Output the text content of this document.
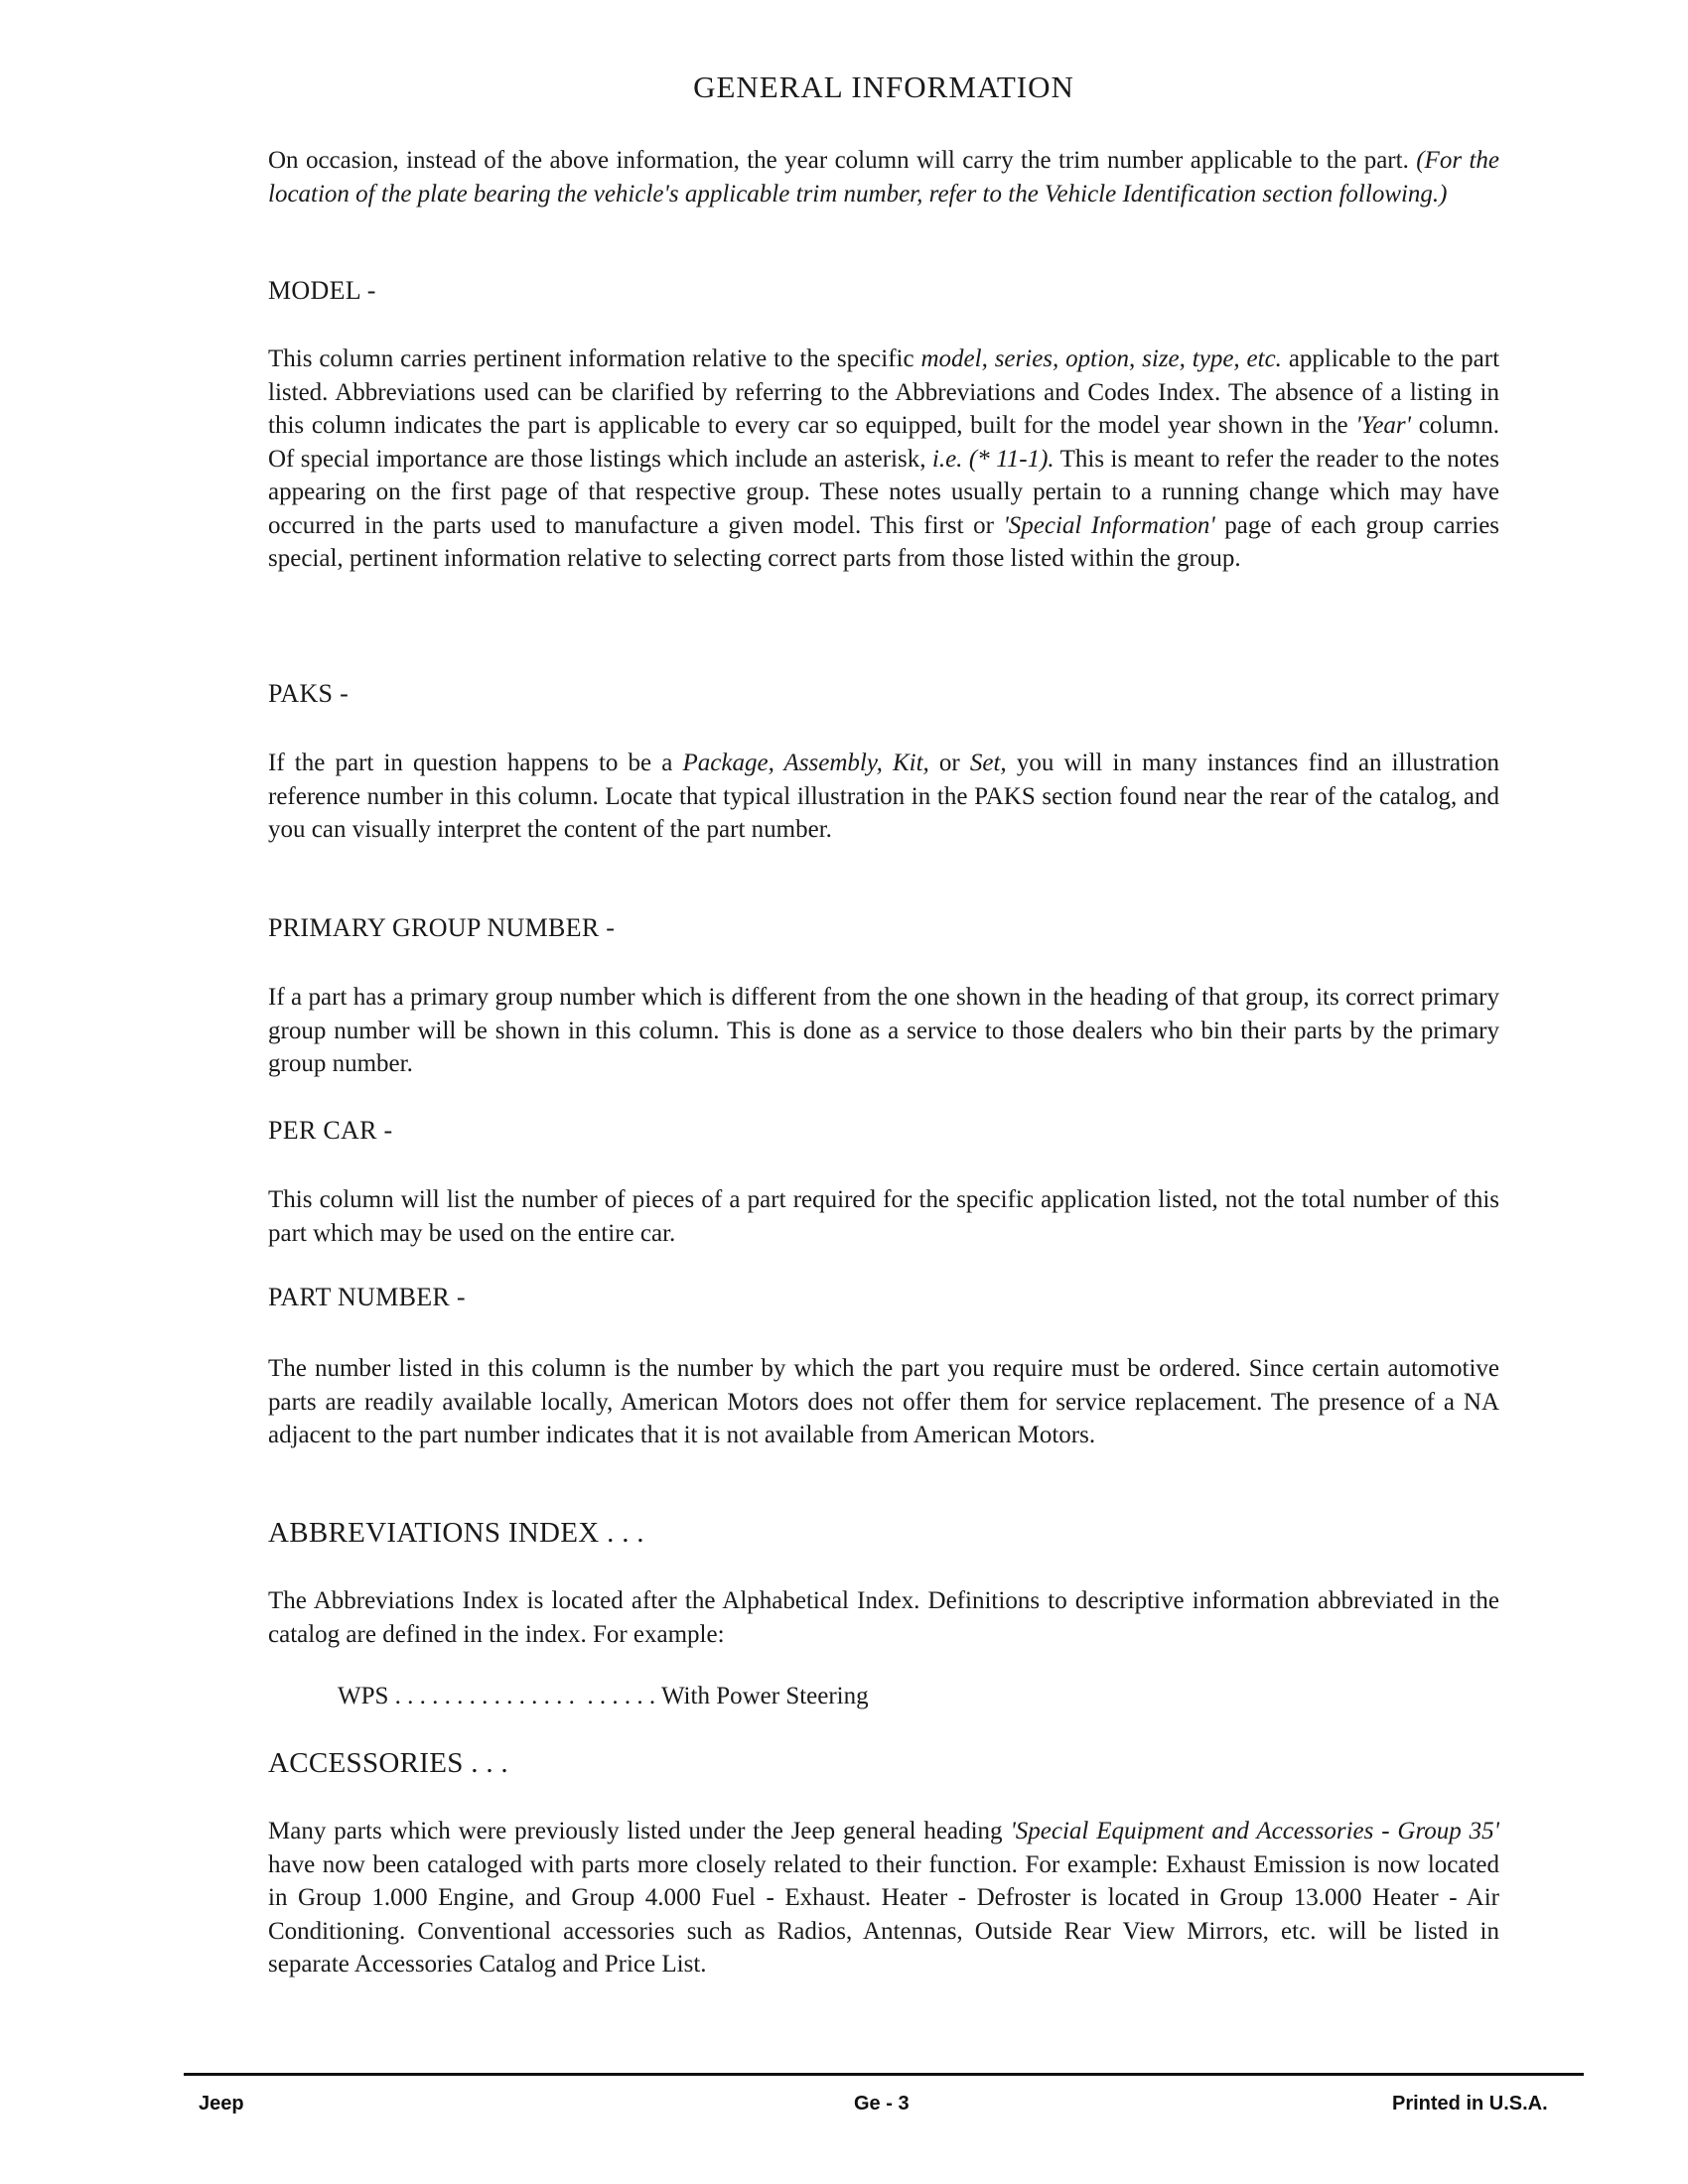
GENERAL INFORMATION

On occasion, instead of the above information, the year column will carry the trim number applicable to the part. (For the location of the plate bearing the vehicle's applicable trim number, refer to the Vehicle Identification section following.)

MODEL -

This column carries pertinent information relative to the specific model, series, option, size, type, etc. applicable to the part listed. Abbreviations used can be clarified by referring to the Abbreviations and Codes Index. The absence of a listing in this column indicates the part is applicable to every car so equipped, built for the model year shown in the 'Year' column. Of special importance are those listings which include an asterisk, i.e. (* 11-1). This is meant to refer the reader to the notes appearing on the first page of that respective group. These notes usually pertain to a running change which may have occurred in the parts used to manufacture a given model. This first or 'Special Information' page of each group carries special, pertinent information relative to selecting correct parts from those listed within the group.

PAKS -

If the part in question happens to be a Package, Assembly, Kit, or Set, you will in many instances find an illustration reference number in this column. Locate that typical illustration in the PAKS section found near the rear of the catalog, and you can visually interpret the content of the part number.

PRIMARY GROUP NUMBER -

If a part has a primary group number which is different from the one shown in the heading of that group, its correct primary group number will be shown in this column. This is done as a service to those dealers who bin their parts by the primary group number.

PER CAR -

This column will list the number of pieces of a part required for the specific application listed, not the total number of this part which may be used on the entire car.

PART NUMBER -

The number listed in this column is the number by which the part you require must be ordered. Since certain automotive parts are readily available locally, American Motors does not offer them for service replacement. The presence of a NA adjacent to the part number indicates that it is not available from American Motors.

ABBREVIATIONS INDEX . . .

The Abbreviations Index is located after the Alphabetical Index. Definitions to descriptive information abbreviated in the catalog are defined in the index. For example:

WPS . . . . . . . . . . . . . . .  . . . . . . With Power Steering
ACCESSORIES . . .

Many parts which were previously listed under the Jeep general heading 'Special Equipment and Accessories - Group 35' have now been cataloged with parts more closely related to their function. For example: Exhaust Emission is now located in Group 1.000 Engine, and Group 4.000 Fuel - Exhaust. Heater - Defroster is located in Group 13.000 Heater - Air Conditioning. Conventional accessories such as Radios, Antennas, Outside Rear View Mirrors, etc. will be listed in separate Accessories Catalog and Price List.

Jeep	Ge - 3	Printed in U.S.A.
